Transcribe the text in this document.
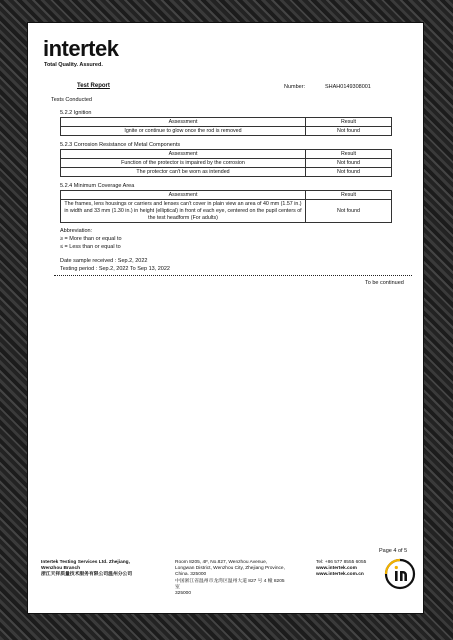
intertek
Total Quality. Assured.
Test Report	Number:	SHAH0149308001
Tests Conducted
5.2.2 Ignition
Assessment	Result
Ignite or continue to glow once the rod is removed	Not found
5.2.3 Corrosion Resistance of Metal Components
Assessment	Result
Function of the protector is impaired by the corrosion	Not found
The protector can't be worn as intended	Not found
5.2.4 Minimum Coverage Area
Assessment	Result
The frames, lens housings or carriers and lenses can't cover in plain view an area of 40 mm (1.57 in.) in width and 33 mm (1.30 in.) in height (elliptical) in front of each eye, centered on the pupil centers of the test headform (For adults)	Not found
Abbreviation:
≥ = More than or equal to
≤ = Less than or equal to
Date sample received : Sep.2, 2022
Testing period : Sep.2, 2022 To Sep 13, 2022
To be continued
Page 4 of 5
Intertek Testing Services Ltd. Zhejiang,
Wenzhou Branch
浙江天祥质量技术服务有限公司温州分公司
Room 8205, 4F, No.827, Wenzhou Avenue,
Longwan District, Wenzhou City, Zhejiang Province,
China. 325000
中国浙江省温州市龙湾区温州大道 827 号 4 幢 8205
室
325000
Tel: +86 577 8555 6055
www.intertek.com
www.intertek.com.cn
